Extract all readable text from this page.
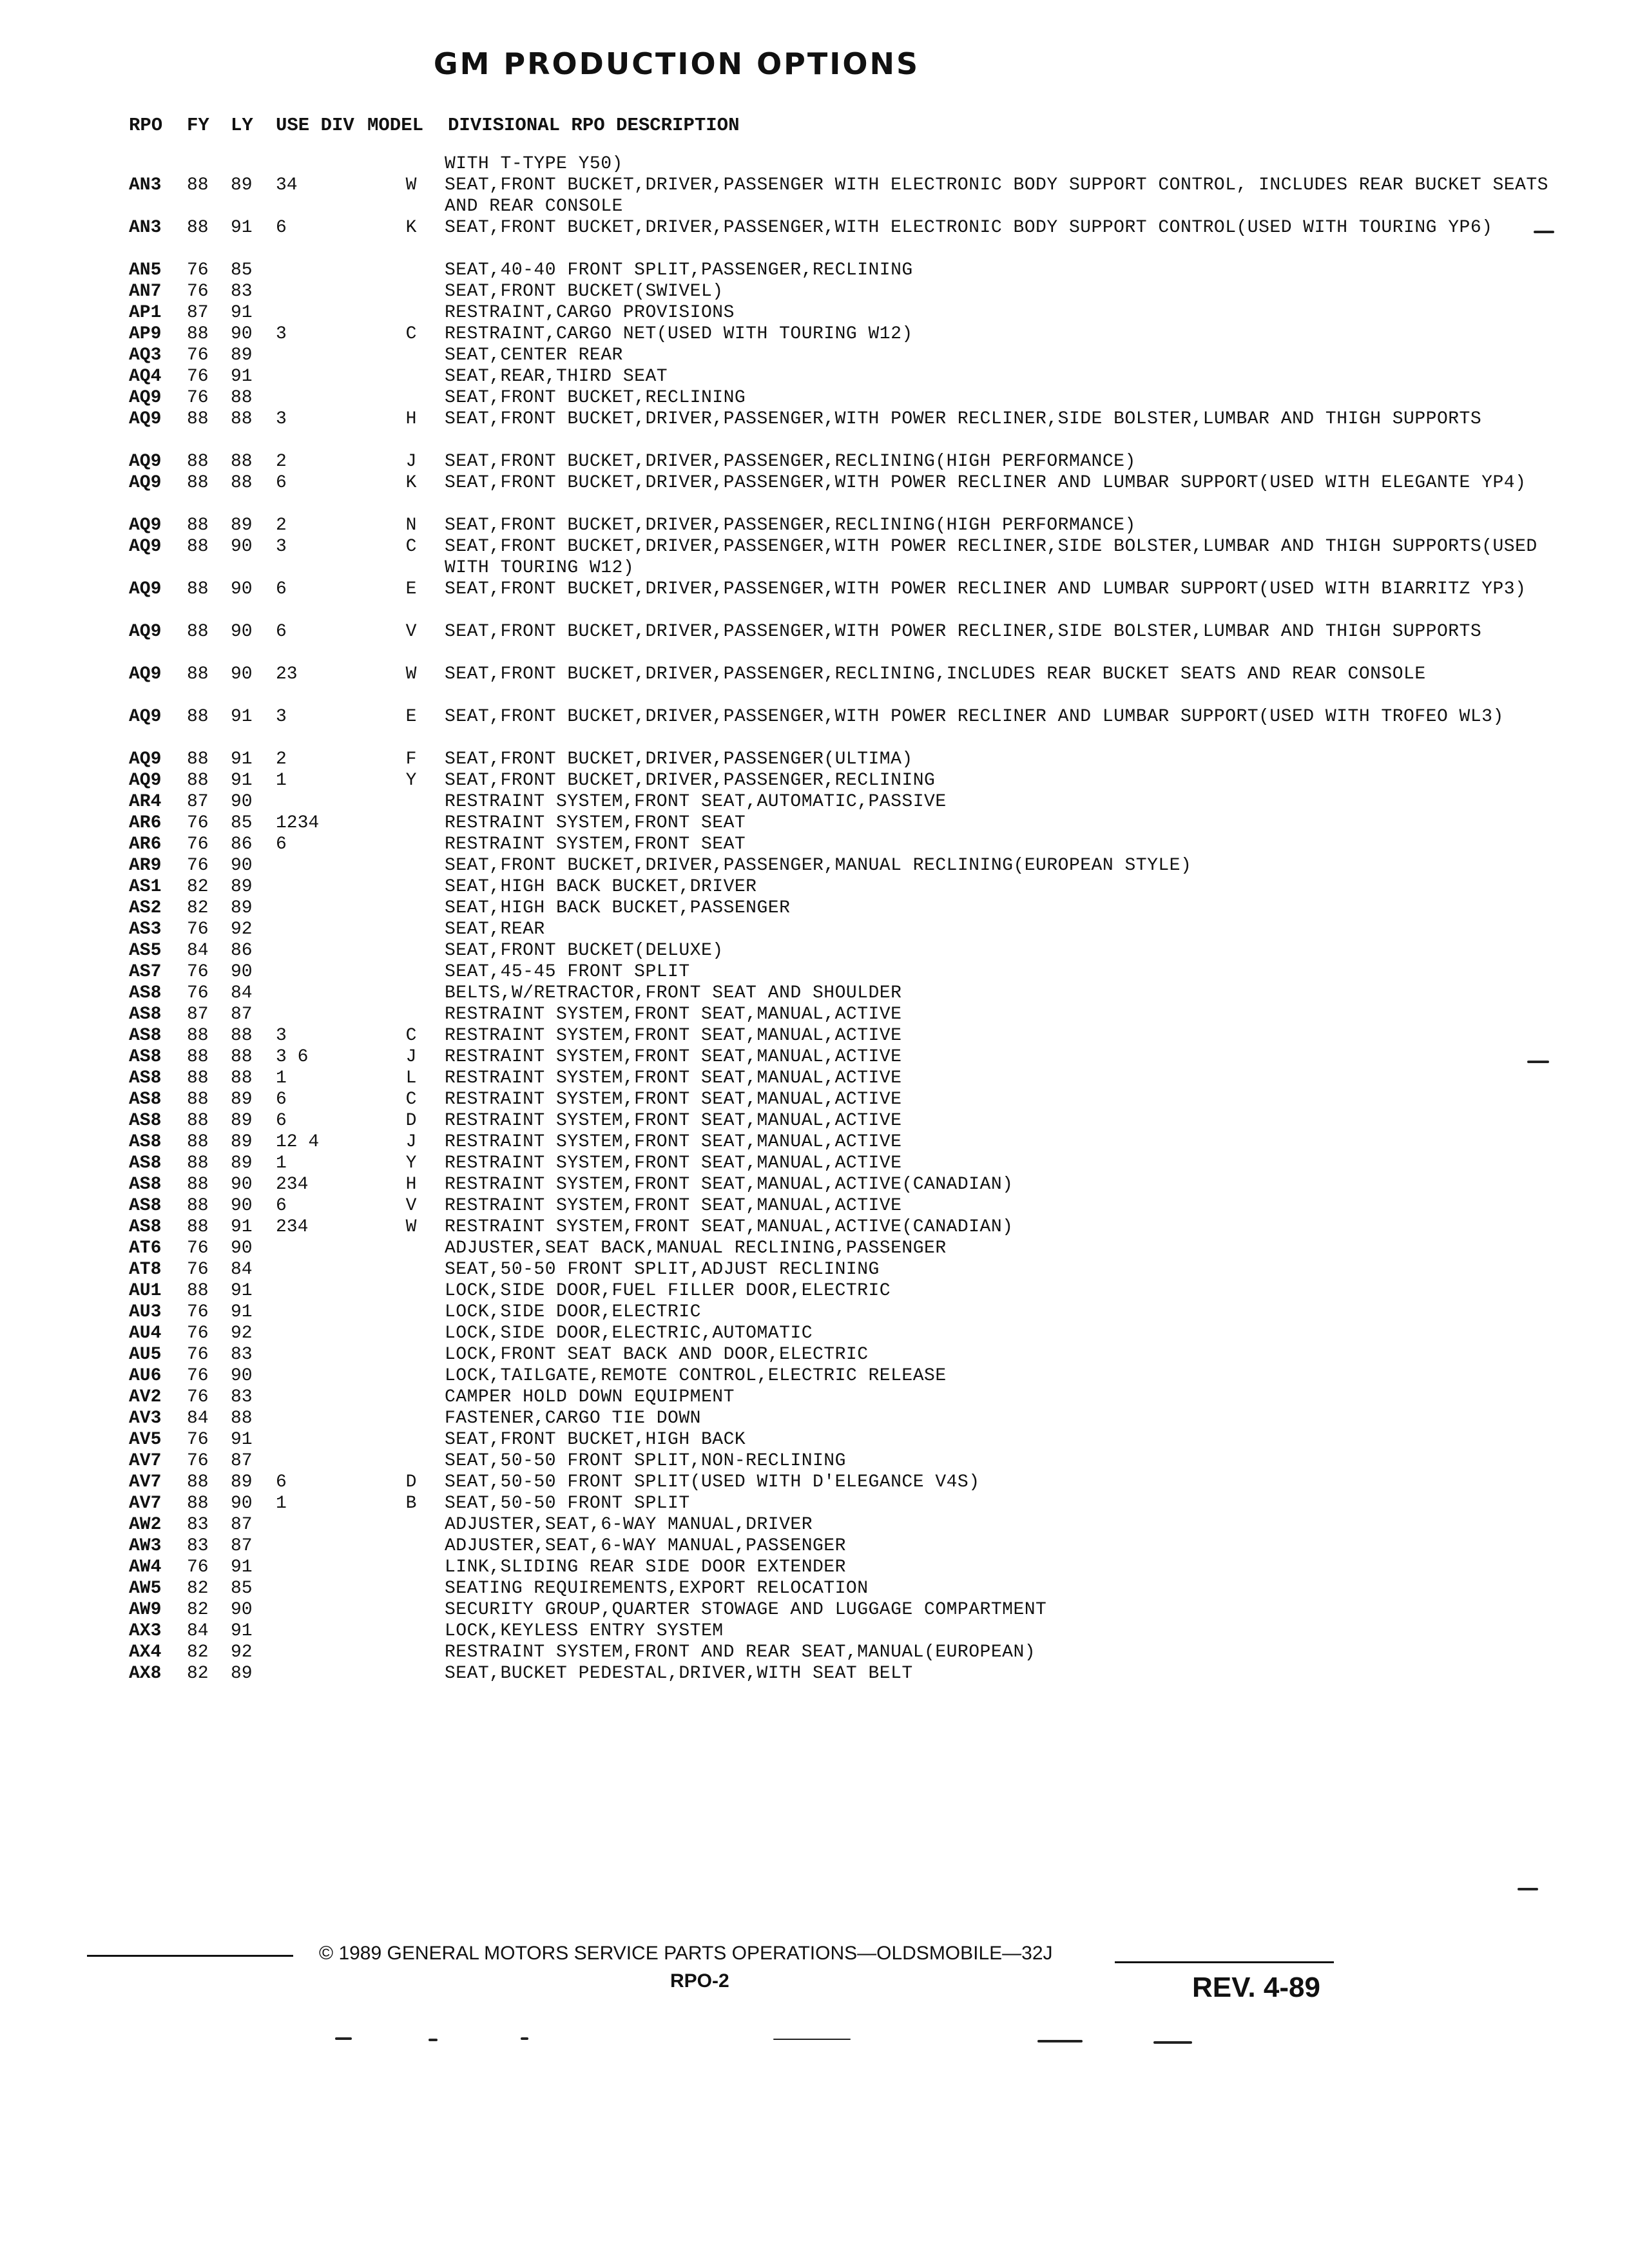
GM PRODUCTION OPTIONS
RPO FY LY USE DIV MODEL DIVISIONAL RPO DESCRIPTION
WITH T-TYPE Y50)
AN3 88 89 34	W	SEAT,FRONT BUCKET,DRIVER,PASSENGER WITH ELECTRONIC BODY SUPPORT CONTROL, INCLUDES REAR BUCKET SEATS AND REAR CONSOLE
AN3 88 91 6	K	SEAT,FRONT BUCKET,DRIVER,PASSENGER,WITH ELECTRONIC BODY SUPPORT CONTROL(USED WITH TOURING YP6)
AN5 76 85	SEAT,40-40 FRONT SPLIT,PASSENGER,RECLINING
AN7 76 83	SEAT,FRONT BUCKET(SWIVEL)
AP1 87 91	RESTRAINT,CARGO PROVISIONS
AP9 88 90 3	C	RESTRAINT,CARGO NET(USED WITH TOURING W12)
AQ3 76 89	SEAT,CENTER REAR
AQ4 76 91	SEAT,REAR,THIRD SEAT
AQ9 76 88	SEAT,FRONT BUCKET,RECLINING
AQ9 88 88 3	H	SEAT,FRONT BUCKET,DRIVER,PASSENGER,WITH POWER RECLINER,SIDE BOLSTER,LUMBAR AND THIGH SUPPORTS
AQ9 88 88 2	J	SEAT,FRONT BUCKET,DRIVER,PASSENGER,RECLINING(HIGH PERFORMANCE)
AQ9 88 88 6	K	SEAT,FRONT BUCKET,DRIVER,PASSENGER,WITH POWER RECLINER AND LUMBAR SUPPORT(USED WITH ELEGANTE YP4)
AQ9 88 89 2	N	SEAT,FRONT BUCKET,DRIVER,PASSENGER,RECLINING(HIGH PERFORMANCE)
AQ9 88 90 3	C	SEAT,FRONT BUCKET,DRIVER,PASSENGER,WITH POWER RECLINER,SIDE BOLSTER,LUMBAR AND THIGH SUPPORTS(USED WITH TOURING W12)
AQ9 88 90 6	E	SEAT,FRONT BUCKET,DRIVER,PASSENGER,WITH POWER RECLINER AND LUMBAR SUPPORT(USED WITH BIARRITZ YP3)
AQ9 88 90 6	V	SEAT,FRONT BUCKET,DRIVER,PASSENGER,WITH POWER RECLINER,SIDE BOLSTER,LUMBAR AND THIGH SUPPORTS
AQ9 88 90 23	W	SEAT,FRONT BUCKET,DRIVER,PASSENGER,RECLINING,INCLUDES REAR BUCKET SEATS AND REAR CONSOLE
AQ9 88 91 3	E	SEAT,FRONT BUCKET,DRIVER,PASSENGER,WITH POWER RECLINER AND LUMBAR SUPPORT(USED WITH TROFEO WL3)
AQ9 88 91 2	F	SEAT,FRONT BUCKET,DRIVER,PASSENGER(ULTIMA)
AQ9 88 91 1	Y	SEAT,FRONT BUCKET,DRIVER,PASSENGER,RECLINING
AR4 87 90	RESTRAINT SYSTEM,FRONT SEAT,AUTOMATIC,PASSIVE
AR6 76 85 1234	RESTRAINT SYSTEM,FRONT SEAT
AR6 76 86 6	RESTRAINT SYSTEM,FRONT SEAT
AR9 76 90	SEAT,FRONT BUCKET,DRIVER,PASSENGER,MANUAL RECLINING(EUROPEAN STYLE)
AS1 82 89	SEAT,HIGH BACK BUCKET,DRIVER
AS2 82 89	SEAT,HIGH BACK BUCKET,PASSENGER
AS3 76 92	SEAT,REAR
AS5 84 86	SEAT,FRONT BUCKET(DELUXE)
AS7 76 90	SEAT,45-45 FRONT SPLIT
AS8 76 84	BELTS,W/RETRACTOR,FRONT SEAT AND SHOULDER
AS8 87 87	RESTRAINT SYSTEM,FRONT SEAT,MANUAL,ACTIVE
AS8 88 88 3	C	RESTRAINT SYSTEM,FRONT SEAT,MANUAL,ACTIVE
AS8 88 88 3 6	J	RESTRAINT SYSTEM,FRONT SEAT,MANUAL,ACTIVE
AS8 88 88 1	L	RESTRAINT SYSTEM,FRONT SEAT,MANUAL,ACTIVE
AS8 88 89 6	C	RESTRAINT SYSTEM,FRONT SEAT,MANUAL,ACTIVE
AS8 88 89 6	D	RESTRAINT SYSTEM,FRONT SEAT,MANUAL,ACTIVE
AS8 88 89 12 4	J	RESTRAINT SYSTEM,FRONT SEAT,MANUAL,ACTIVE
AS8 88 89 1	Y	RESTRAINT SYSTEM,FRONT SEAT,MANUAL,ACTIVE
AS8 88 90 234	H	RESTRAINT SYSTEM,FRONT SEAT,MANUAL,ACTIVE(CANADIAN)
AS8 88 90 6	V	RESTRAINT SYSTEM,FRONT SEAT,MANUAL,ACTIVE
AS8 88 91 234	W	RESTRAINT SYSTEM,FRONT SEAT,MANUAL,ACTIVE(CANADIAN)
AT6 76 90	ADJUSTER,SEAT BACK,MANUAL RECLINING,PASSENGER
AT8 76 84	SEAT,50-50 FRONT SPLIT,ADJUST RECLINING
AU1 88 91	LOCK,SIDE DOOR,FUEL FILLER DOOR,ELECTRIC
AU3 76 91	LOCK,SIDE DOOR,ELECTRIC
AU4 76 92	LOCK,SIDE DOOR,ELECTRIC,AUTOMATIC
AU5 76 83	LOCK,FRONT SEAT BACK AND DOOR,ELECTRIC
AU6 76 90	LOCK,TAILGATE,REMOTE CONTROL,ELECTRIC RELEASE
AV2 76 83	CAMPER HOLD DOWN EQUIPMENT
AV3 84 88	FASTENER,CARGO TIE DOWN
AV5 76 91	SEAT,FRONT BUCKET,HIGH BACK
AV7 76 87	SEAT,50-50 FRONT SPLIT,NON-RECLINING
AV7 88 89 6	D	SEAT,50-50 FRONT SPLIT(USED WITH D'ELEGANCE V4S)
AV7 88 90 1	B	SEAT,50-50 FRONT SPLIT
AW2 83 87	ADJUSTER,SEAT,6-WAY MANUAL,DRIVER
AW3 83 87	ADJUSTER,SEAT,6-WAY MANUAL,PASSENGER
AW4 76 91	LINK,SLIDING REAR SIDE DOOR EXTENDER
AW5 82 85	SEATING REQUIREMENTS,EXPORT RELOCATION
AW9 82 90	SECURITY GROUP,QUARTER STOWAGE AND LUGGAGE COMPARTMENT
AX3 84 91	LOCK,KEYLESS ENTRY SYSTEM
AX4 82 92	RESTRAINT SYSTEM,FRONT AND REAR SEAT,MANUAL(EUROPEAN)
AX8 82 89	SEAT,BUCKET PEDESTAL,DRIVER,WITH SEAT BELT
© 1989 GENERAL MOTORS SERVICE PARTS OPERATIONS—OLDSMOBILE—32J
RPO-2	REV. 4-89
